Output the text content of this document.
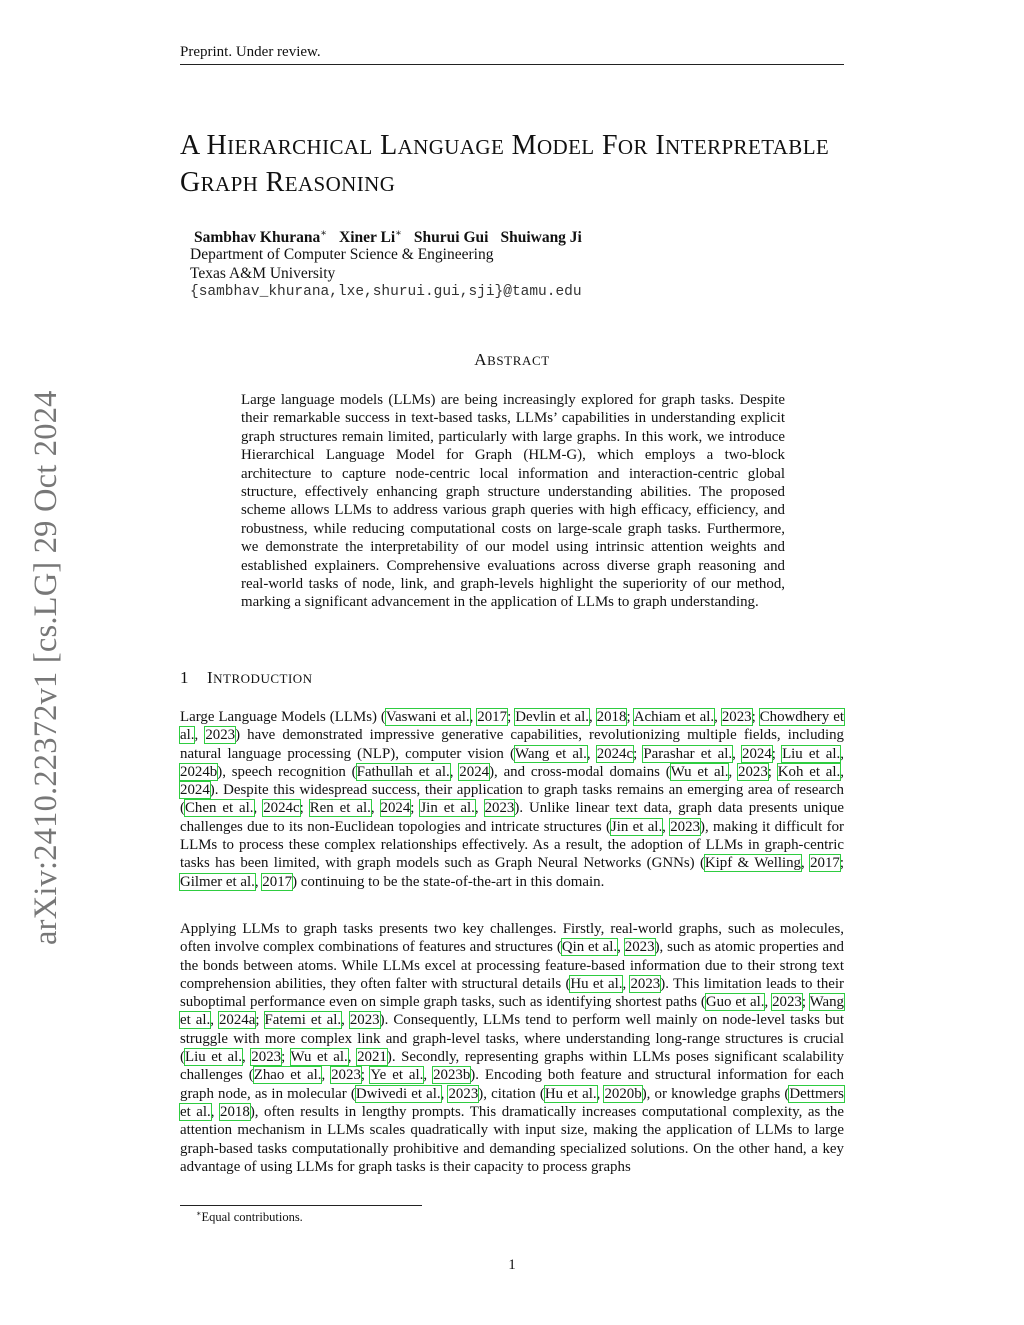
Preprint. Under review.
arXiv:2410.22372v1 [cs.LG] 29 Oct 2024
A HIERARCHICAL LANGUAGE MODEL FOR INTERPRETABLE GRAPH REASONING
Sambhav Khurana∗ Xiner Li∗ Shurui Gui Shuiwang Ji
Department of Computer Science & Engineering
Texas A&M University
{sambhav_khurana,lxe,shurui.gui,sji}@tamu.edu
ABSTRACT
Large language models (LLMs) are being increasingly explored for graph tasks. Despite their remarkable success in text-based tasks, LLMs’ capabilities in understanding explicit graph structures remain limited, particularly with large graphs. In this work, we introduce Hierarchical Language Model for Graph (HLM-G), which employs a two-block architecture to capture node-centric local information and interaction-centric global structure, effectively enhancing graph structure understanding abilities. The proposed scheme allows LLMs to address various graph queries with high efficacy, efficiency, and robustness, while reducing computational costs on large-scale graph tasks. Furthermore, we demonstrate the interpretability of our model using intrinsic attention weights and established explainers. Comprehensive evaluations across diverse graph reasoning and real-world tasks of node, link, and graph-levels highlight the superiority of our method, marking a significant advancement in the application of LLMs to graph understanding.
1 INTRODUCTION
Large Language Models (LLMs) (Vaswani et al., 2017; Devlin et al., 2018; Achiam et al., 2023; Chowdhery et al., 2023) have demonstrated impressive generative capabilities, revolutionizing multiple fields, including natural language processing (NLP), computer vision (Wang et al., 2024c; Parashar et al., 2024; Liu et al., 2024b), speech recognition (Fathullah et al., 2024), and cross-modal domains (Wu et al., 2023; Koh et al., 2024). Despite this widespread success, their application to graph tasks remains an emerging area of research (Chen et al., 2024c; Ren et al., 2024; Jin et al., 2023). Unlike linear text data, graph data presents unique challenges due to its non-Euclidean topologies and intricate structures (Jin et al., 2023), making it difficult for LLMs to process these complex relationships effectively. As a result, the adoption of LLMs in graph-centric tasks has been limited, with graph models such as Graph Neural Networks (GNNs) (Kipf & Welling, 2017; Gilmer et al., 2017) continuing to be the state-of-the-art in this domain.
Applying LLMs to graph tasks presents two key challenges. Firstly, real-world graphs, such as molecules, often involve complex combinations of features and structures (Qin et al., 2023), such as atomic properties and the bonds between atoms. While LLMs excel at processing feature-based information due to their strong text comprehension abilities, they often falter with structural details (Hu et al., 2023). This limitation leads to their suboptimal performance even on simple graph tasks, such as identifying shortest paths (Guo et al., 2023; Wang et al., 2024a; Fatemi et al., 2023). Consequently, LLMs tend to perform well mainly on node-level tasks but struggle with more complex link and graph-level tasks, where understanding long-range structures is crucial (Liu et al., 2023; Wu et al., 2021). Secondly, representing graphs within LLMs poses significant scalability challenges (Zhao et al., 2023; Ye et al., 2023b). Encoding both feature and structural information for each graph node, as in molecular (Dwivedi et al., 2023), citation (Hu et al., 2020b), or knowledge graphs (Dettmers et al., 2018), often results in lengthy prompts. This dramatically increases computational complexity, as the attention mechanism in LLMs scales quadratically with input size, making the application of LLMs to large graph-based tasks computationally prohibitive and demanding specialized solutions. On the other hand, a key advantage of using LLMs for graph tasks is their capacity to process graphs
∗Equal contributions.
1
